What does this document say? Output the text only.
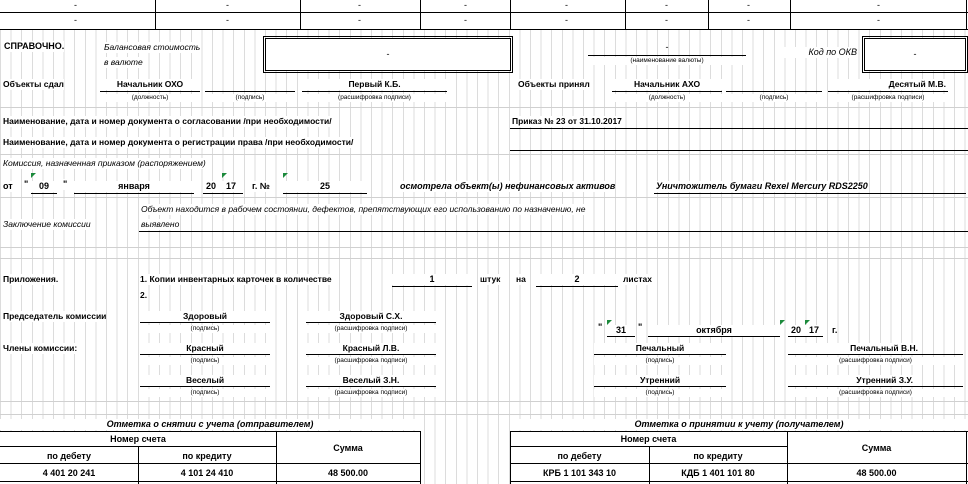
-	-	-	-	-	-	-	-
-	-	-	-	-	-	-	-
СПРАВОЧНО.	Балансовая стоимость
в валюте
-
-
(наименование валюты)
Код по ОКВ	-
Объекты сдал	Начальник ОХО
(должность)	(подпись)
Первый К.Б.
(расшифровка подписи)
Объекты принял	Начальник АХО
(должность)	(подпись)
Десятый М.В.
(расшифровка подписи)
Наименование, дата и номер документа о согласовании /при необходимости/	Приказ № 23 от 31.10.2017
Наименование, дата и номер документа о регистрации права /при необходимости/
Комиссия, назначенная приказом (распоряжением)
от "	09	"	января	20	17	г. №	25	осмотрела объект(ы) нефинансовых активов	Уничтожитель бумаги Rexel Mercury RDS2250
Заключение комиссии
Объект находится в рабочем состоянии, дефектов, препятствующих его использованию по назначению, не
выявлено
Приложения.	1. Копии инвентарных карточек в количестве	1	штук на	2	листах
2.
Председатель комиссии	Здоровый
(подпись)
Здоровый С.Х.
(расшифровка подписи)	"	31	"	октября	20 17	г.
Члены комиссии:	Красный
(подпись)
Красный Л.В.
(расшифровка подписи)
Печальный
(подпись)
Печальный В.Н.
(расшифровка подписи)
Веселый
(подпись)
Веселый З.Н.
(расшифровка подписи)
Утренний
(подпись)
Утренний З.У.
(расшифровка подписи)
Отметка о снятии с учета (отправителем)	Отметка о принятии к учету (получателем)
Номер счета
по дебету	по кредиту
Сумма
4 401 20 241	4 101 24 410	48 500.00
Номер счета
по дебету	по кредиту
Сумма
КРБ 1 101 343 10	КДБ 1 401 101 80	48 500.00
